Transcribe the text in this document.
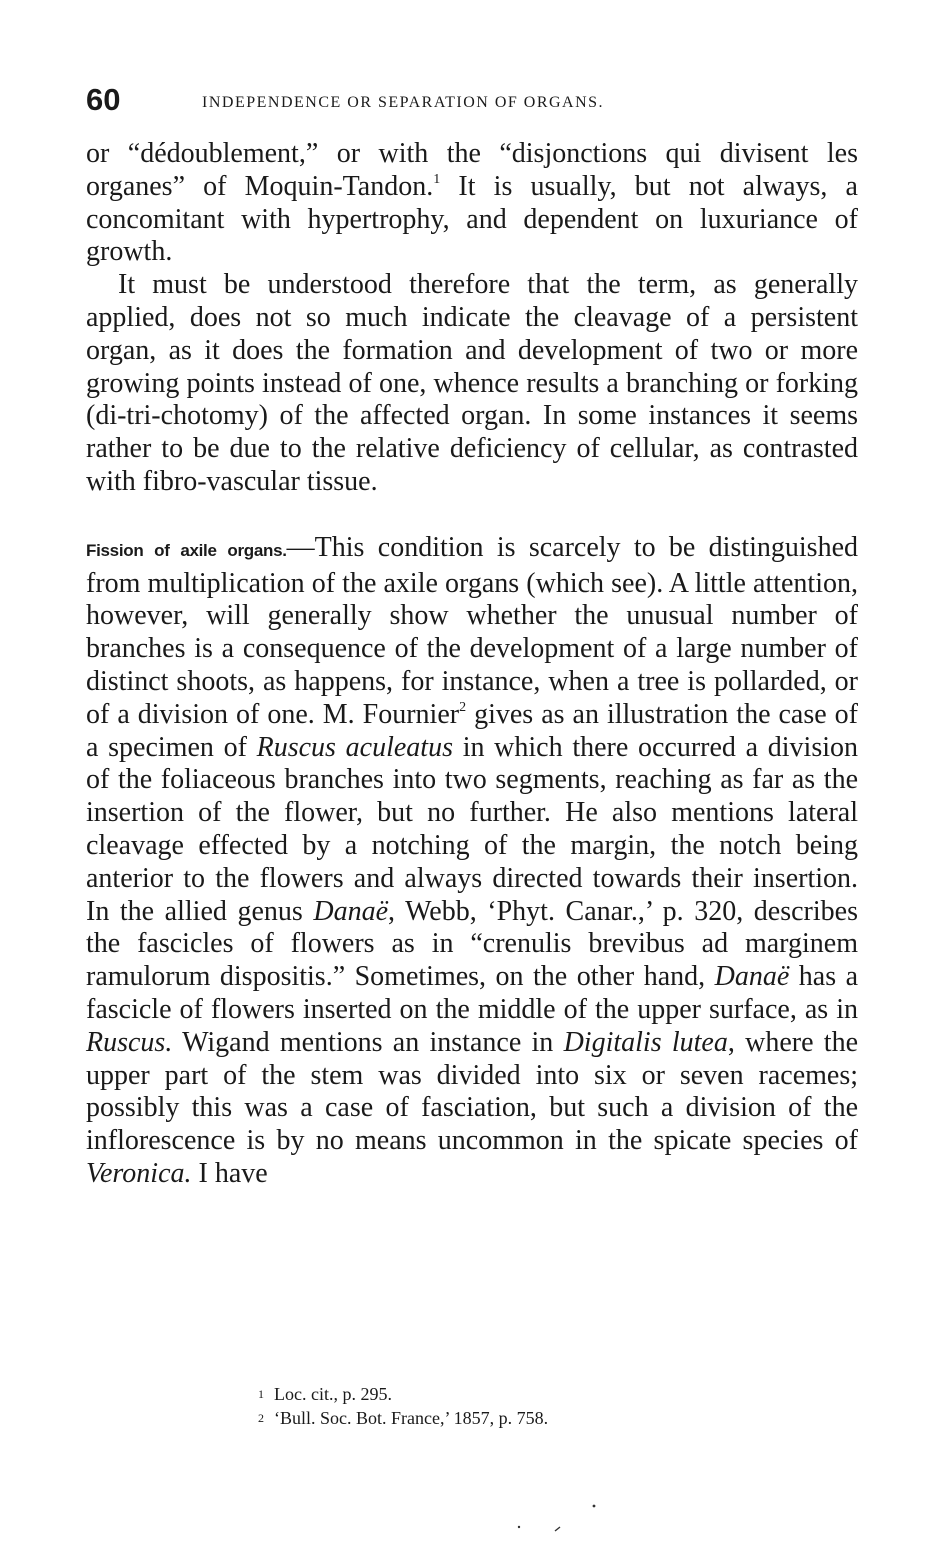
60	INDEPENDENCE OR SEPARATION OF ORGANS.

or “dédoublement,” or with the “disjonctions qui divisent les organes” of Moquin-Tandon.$^1$ It is usually, but not always, a concomitant with hypertrophy, and dependent on luxuriance of growth.

It must be understood therefore that the term, as generally applied, does not so much indicate the cleavage of a persistent organ, as it does the formation and development of two or more growing points instead of one, whence results a branching or forking (di-tri-chotomy) of the affected organ. In some instances it seems rather to be due to the relative deficiency of cellular, as contrasted with fibro-vascular tissue.

Fission of axile organs.—This condition is scarcely to be distinguished from multiplication of the axile organs (which see). A little attention, however, will generally show whether the unusual number of branches is a consequence of the development of a large number of distinct shoots, as happens, for instance, when a tree is pollarded, or of a division of one. M. Fournier$^2$ gives as an illustration the case of a specimen of Ruscus aculeatus in which there occurred a division of the foliaceous branches into two segments, reaching as far as the insertion of the flower, but no further. He also mentions lateral cleavage effected by a notching of the margin, the notch being anterior to the flowers and always directed towards their insertion. In the allied genus Danaë, Webb, ‘Phyt. Canar.,’ p. 320, describes the fascicles of flowers as in “crenulis brevibus ad marginem ramulorum dispositis.” Sometimes, on the other hand, Danaë has a fascicle of flowers inserted on the middle of the upper surface, as in Ruscus. Wigand mentions an instance in Digitalis lutea, where the upper part of the stem was divided into six or seven racemes; possibly this was a case of fasciation, but such a division of the inflorescence is by no means uncommon in the spicate species of Veronica. I have

1 Loc. cit., p. 295.
2 ‘Bull. Soc. Bot. France,’ 1857, p. 758.
